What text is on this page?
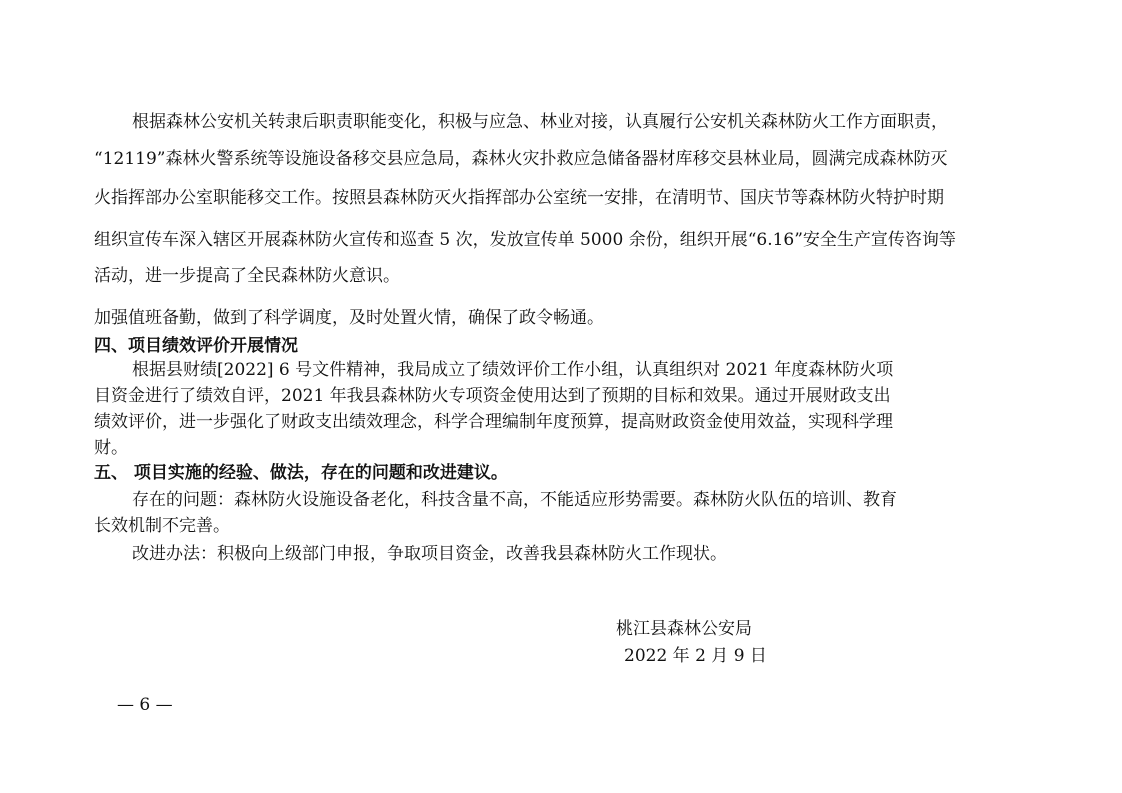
根据森林公安机关转隶后职责职能变化，积极与应急、林业对接，认真履行公安机关森林防火工作方面职责，
“12119”森林火警系统等设施设备移交县应急局，森林火灾扑救应急储备器材库移交县林业局，圆满完成森林防灭
火指挥部办公室职能移交工作。按照县森林防灭火指挥部办公室统一安排，在清明节、国庆节等森林防火特护时期
组织宣传车深入辖区开展森林防火宣传和巡查 5 次，发放宣传单 5000 余份，组织开展“6.16”安全生产宣传咨询等
活动，进一步提高了全民森林防火意识。
加强值班备勤，做到了科学调度，及时处置火情，确保了政令畅通。
四、项目绩效评价开展情况
根据县财绩[2022] 6 号文件精神，我局成立了绩效评价工作小组，认真组织对 2021 年度森林防火项
目资金进行了绩效自评，2021 年我县森林防火专项资金使用达到了预期的目标和效果。通过开展财政支出
绩效评价，进一步强化了财政支出绩效理念，科学合理编制年度预算，提高财政资金使用效益，实现科学理
财。
五、 项目实施的经验、做法，存在的问题和改进建议。
存在的问题：森林防火设施设备老化，科技含量不高，不能适应形势需要。森林防火队伍的培训、教育
长效机制不完善。
改进办法：积极向上级部门申报，争取项目资金，改善我县森林防火工作现状。
桃江县森林公安局
2022 年 2 月 9 日
— 6 —
